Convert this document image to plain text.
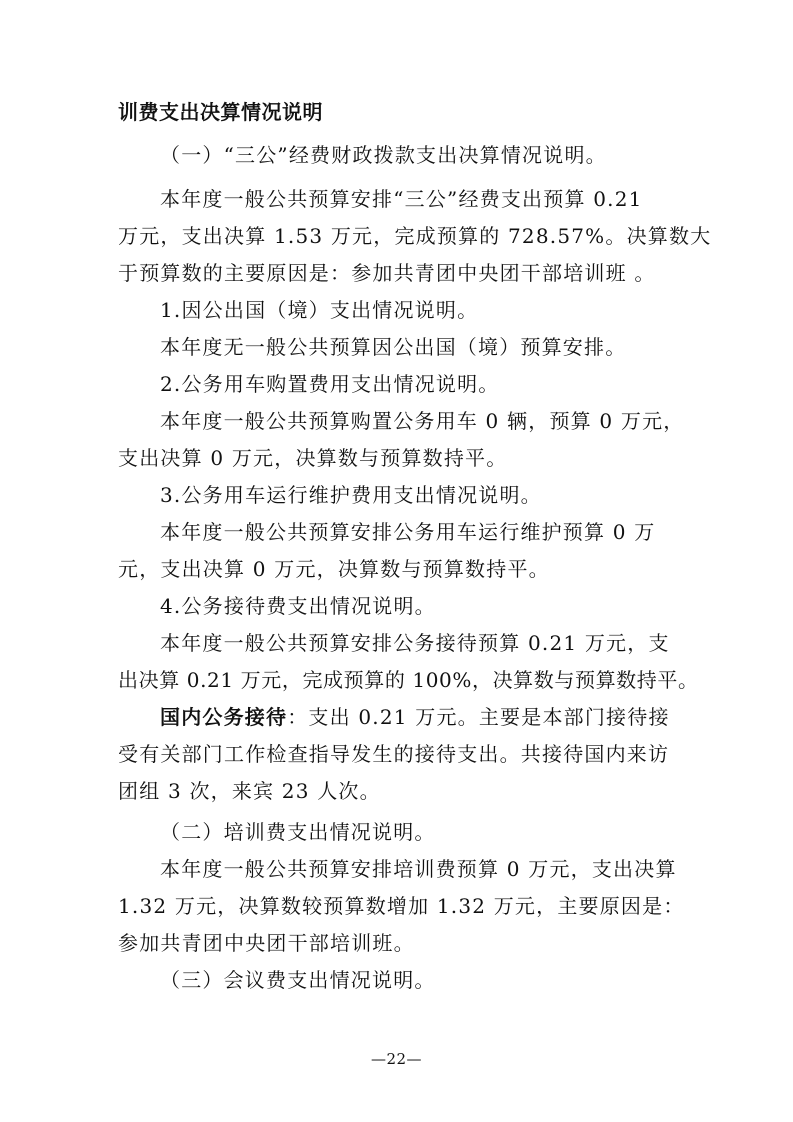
训费支出决算情况说明
（一）“三公”经费财政拨款支出决算情况说明。
本年度一般公共预算安排“三公”经费支出预算 0.21
万元，支出决算 1.53 万元，完成预算的 728.57%。决算数大
于预算数的主要原因是：参加共青团中央团干部培训班 。
1.因公出国（境）支出情况说明。
本年度无一般公共预算因公出国（境）预算安排。
2.公务用车购置费用支出情况说明。
本年度一般公共预算购置公务用车 0 辆，预算 0 万元，
支出决算 0 万元，决算数与预算数持平。
3.公务用车运行维护费用支出情况说明。
本年度一般公共预算安排公务用车运行维护预算 0 万
元，支出决算 0 万元，决算数与预算数持平。
4.公务接待费支出情况说明。
本年度一般公共预算安排公务接待预算 0.21 万元，支
出决算 0.21 万元，完成预算的 100%，决算数与预算数持平。
国内公务接待：支出 0.21 万元。主要是本部门接待接
受有关部门工作检查指导发生的接待支出。共接待国内来访
团组 3 次，来宾 23 人次。
（二）培训费支出情况说明。
本年度一般公共预算安排培训费预算 0 万元，支出决算
1.32 万元，决算数较预算数增加 1.32 万元，主要原因是：
参加共青团中央团干部培训班。
（三）会议费支出情况说明。
—22—
